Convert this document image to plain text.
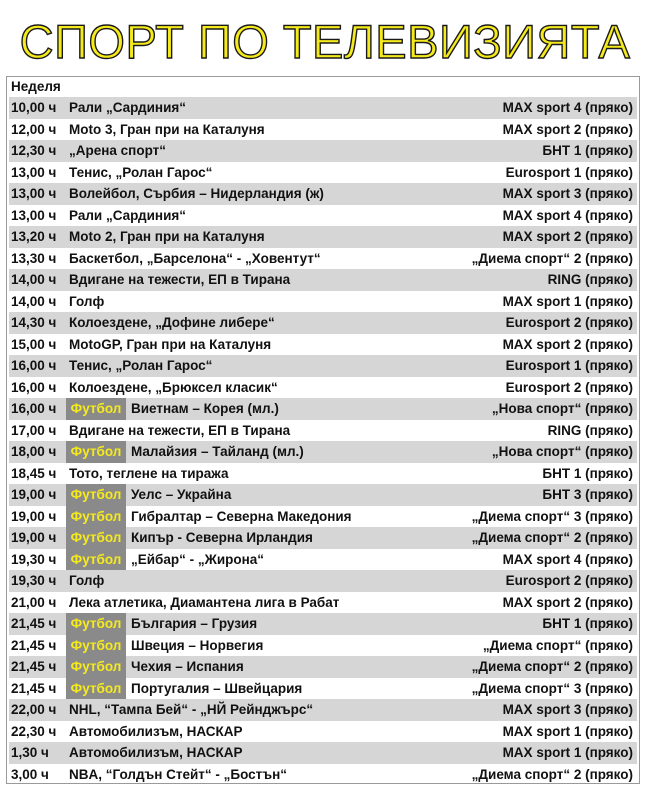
СПОРТ ПО ТЕЛЕВИЗИЯТА
Неделя
10,00 ч Рали „Сардиния“	MAX sport 4 (пряко)
12,00 ч Moto 3, Гран при на Каталуня	MAX sport 2 (пряко)
12,30 ч „Арена спорт“	БНТ 1 (пряко)
13,00 ч Тенис, „Ролан Гарос“	Eurosport 1 (пряко)
13,00 ч Волейбол, Сърбия – Нидерландия (ж)	MAX sport 3 (пряко)
13,00 ч Рали „Сардиния“	MAX sport 4 (пряко)
13,20 ч Moto 2, Гран при на Каталуня	MAX sport 2 (пряко)
13,30 ч Баскетбол, „Барселона“ - „Ховентут“	„Диема спорт“ 2 (пряко)
14,00 ч Вдигане на тежести, ЕП в Тирана	RING (пряко)
14,00 ч Голф	MAX sport 1 (пряко)
14,30 ч Колоездене, „Дофине либере“	Eurosport 2 (пряко)
15,00 ч MotoGP, Гран при на Каталуня	MAX sport 2 (пряко)
16,00 ч Тенис, „Ролан Гарос“	Eurosport 1 (пряко)
16,00 ч Колоездене, „Брюксел класик“	Eurosport 2 (пряко)
16,00 ч	Футбол Виетнам – Корея (мл.)	„Нова спорт“ (пряко)
17,00 ч Вдигане на тежести, ЕП в Тирана	RING (пряко)
18,00 ч	Футбол Малайзия – Тайланд (мл.)	„Нова спорт“ (пряко)
18,45 ч Тото, теглене на тиража	БНТ 1 (пряко)
19,00 ч	Футбол Уелс – Украйна	БНТ 3 (пряко)
19,00 ч	Футбол Гибралтар – Северна Македония	„Диема спорт“ 3 (пряко)
19,00 ч	Футбол Кипър - Северна Ирландия	„Диема спорт“ 2 (пряко)
19,30 ч	Футбол „Ейбар“ - „Жирона“	MAX sport 4 (пряко)
19,30 ч Голф	Eurosport 2 (пряко)
21,00 ч Лека атлетика, Диамантена лига в Рабат	MAX sport 2 (пряко)
21,45 ч	Футбол България – Грузия	БНТ 1 (пряко)
21,45 ч	Футбол Швеция – Норвегия	„Диема спорт“ (пряко)
21,45 ч	Футбол Чехия – Испания	„Диема спорт“ 2 (пряко)
21,45 ч	Футбол Португалия – Швейцария	„Диема спорт“ 3 (пряко)
22,00 ч NHL, “Тампа Бей“ - „НЙ Рейнджърс“	MAX sport 3 (пряко)
22,30 ч Автомобилизъм, НАСКАР	MAX sport 1 (пряко)
1,30 ч Автомобилизъм, НАСКАР	MAX sport 1 (пряко)
3,00 ч NBA, “Голдън Стейт“ - „Бостън“	„Диема спорт“ 2 (пряко)
